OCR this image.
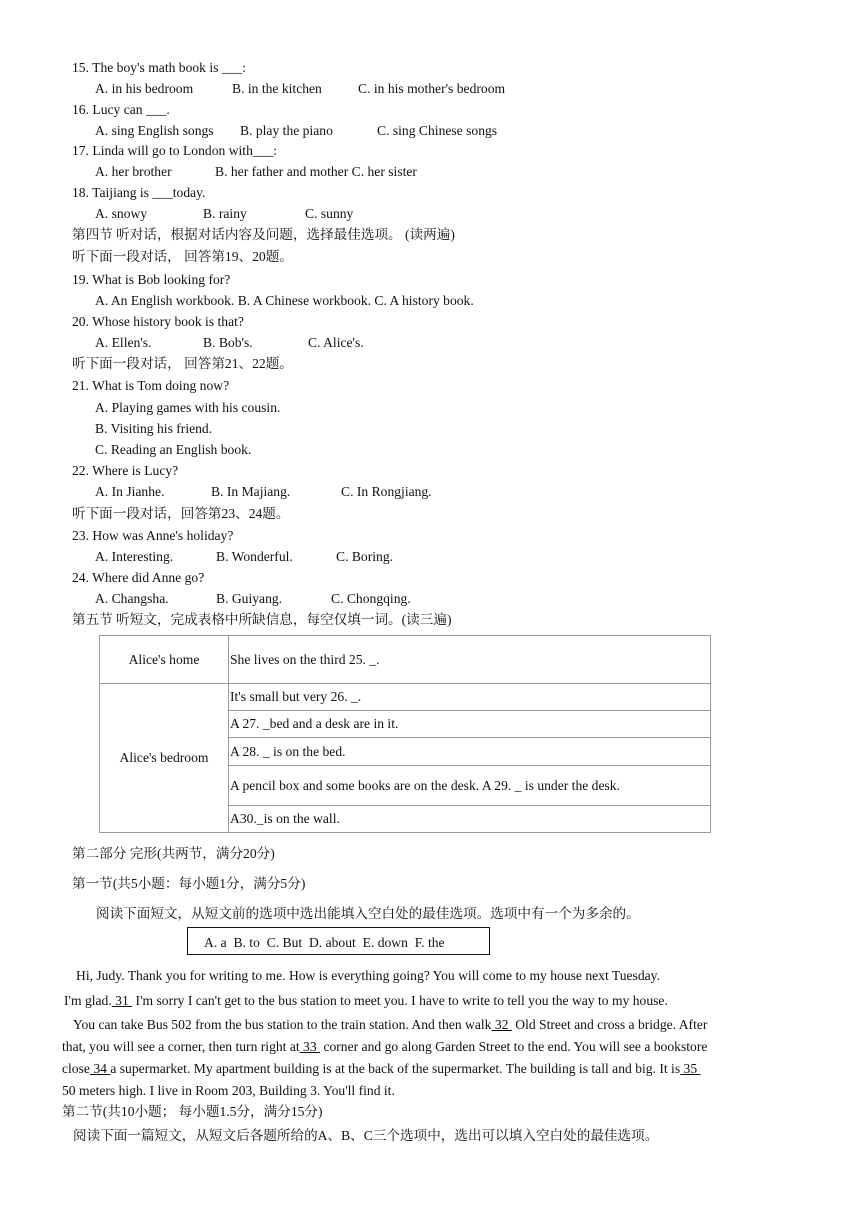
15. The boy's math book is ___:
A. in his bedroom	B. in the kitchen	C. in his mother's bedroom
16. Lucy can ___.
A. sing English songs B. play the piano	C. sing Chinese songs
17. Linda will go to London with___:
A. her brother	B. her father and mother C. her sister
18. Taijiang is ___today.
A. snowy	B. rainy	C. sunny
第四节 听对话，根据对话内容及问题，选择最佳选项。 (读两遍)
听下面一段对话， 回答第19、20题。
19. What is Bob looking for?
A. An English workbook. B. A Chinese workbook. C. A history book.
20. Whose history book is that?
A. Ellen's.	B. Bob's.	C. Alice's.
听下面一段对话， 回答第21、22题。
21. What is Tom doing now?
A. Playing games with his cousin.
B. Visiting his friend.
C. Reading an English book.
22. Where is Lucy?
A. In Jianhe.	B. In Majiang.	C. In Rongjiang.
听下面一段对话，回答第23、24题。
23. How was Anne's holiday?
A. Interesting.	B. Wonderful.	C. Boring.
24. Where did Anne go?
A. Changsha.	B. Guiyang.	C. Chongqing.
第五节 听短文，完成表格中所缺信息，每空仅填一词。(读三遍)
Alice's home	She lives on the third 25. _.
Alice's bedroom	It's small but very 26. _.
	A 27. _bed and a desk are in it.
	A 28. _ is on the bed.
	A pencil box and some books are on the desk. A 29. _ is under the desk.
	A30._is on the wall.
第二部分 完形(共两节，满分20分)
第一节(共5小题：每小题1分，满分5分)
阅读下面短文，从短文前的选项中选出能填入空白处的最佳选项。选项中有一个为多余的。
A. a  B. to  C. But  D. about  E. down  F. the
Hi, Judy. Thank you for writing to me. How is everything going? You will come to my house next Tuesday.
I'm glad. 31  I'm sorry I can't get to the bus station to meet you. I have to write to tell you the way to my house.
You can take Bus 502 from the bus station to the train station. And then walk 32  Old Street and cross a bridge. After
that, you will see a corner, then turn right at 33  corner and go along Garden Street to the end. You will see a bookstore
close 34 a supermarket. My apartment building is at the back of the supermarket. The building is tall and big. It is 35
50 meters high. I live in Room 203, Building 3. You'll find it.
第二节(共10小题； 每小题1.5分，满分15分)
阅读下面一篇短文，从短文后各题所给的A、B、C三个选项中，选出可以填入空白处的最佳选项。
